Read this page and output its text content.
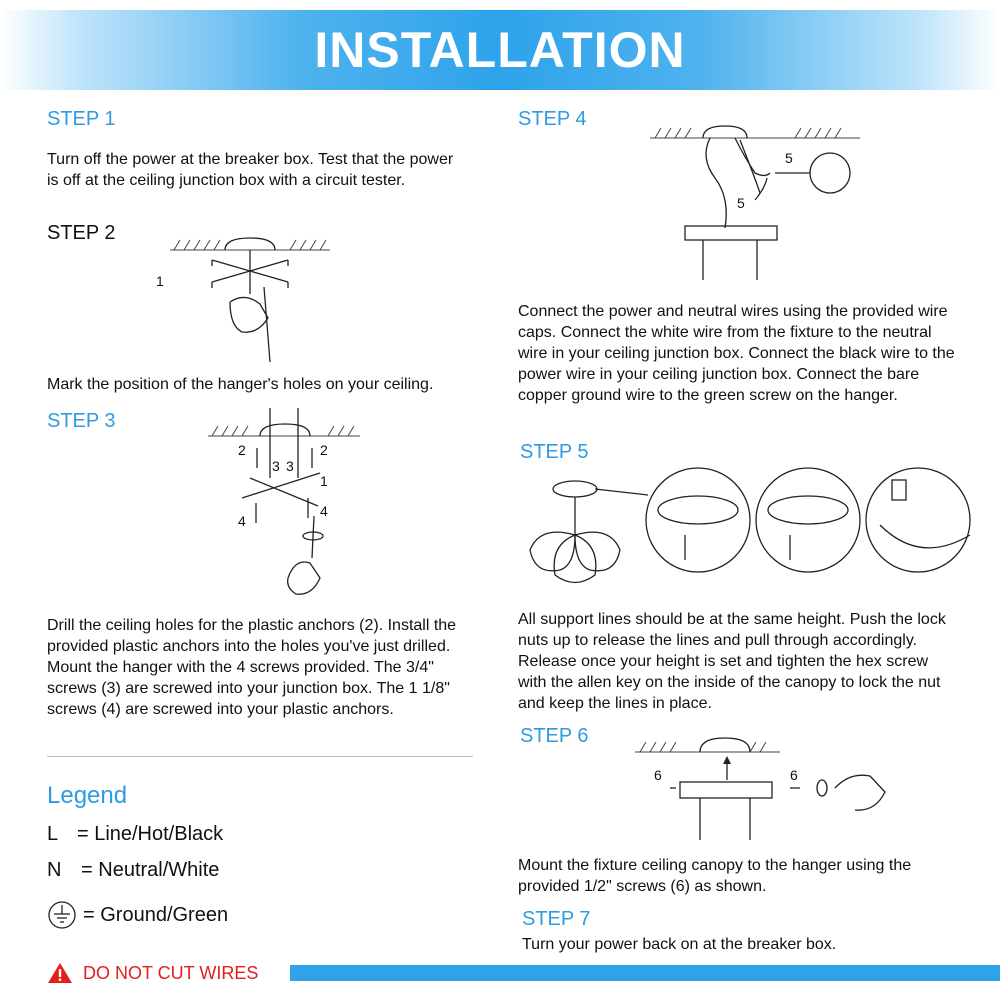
INSTALLATION
STEP 1
Turn off the power at the breaker box. Test that the power is off at the ceiling junction box with a circuit tester.
STEP 2
1
Mark the position of the hanger's holes on your ceiling.
STEP 3
2	2
3 3
1
4
4
Drill the ceiling holes for the plastic anchors (2). Install the provided plastic anchors into the holes you've just drilled. Mount the hanger with the 4 screws provided. The 3/4" screws (3) are screwed into your junction box. The 1 1/8" screws (4) are screwed into your plastic anchors.
Legend
L = Line/Hot/Black
N = Neutral/White
= Ground/Green
DO NOT CUT WIRES
STEP 4
5
5
Connect the power and neutral wires using the provided wire caps. Connect the white wire from the fixture to the neutral wire in your ceiling junction box. Connect the black wire to the power wire in your ceiling junction box. Connect the bare copper ground wire to the green screw on the hanger.
STEP 5
All support lines should be at the same height. Push the lock nuts up to release the lines and pull through accordingly. Release once your height is set and tighten the hex screw with the allen key on the inside of the canopy to lock the nut and keep the lines in place.
STEP 6
6	6
Mount the fixture ceiling canopy to the hanger using the provided 1/2" screws (6) as shown.
STEP 7
Turn your power back on at the breaker box.
